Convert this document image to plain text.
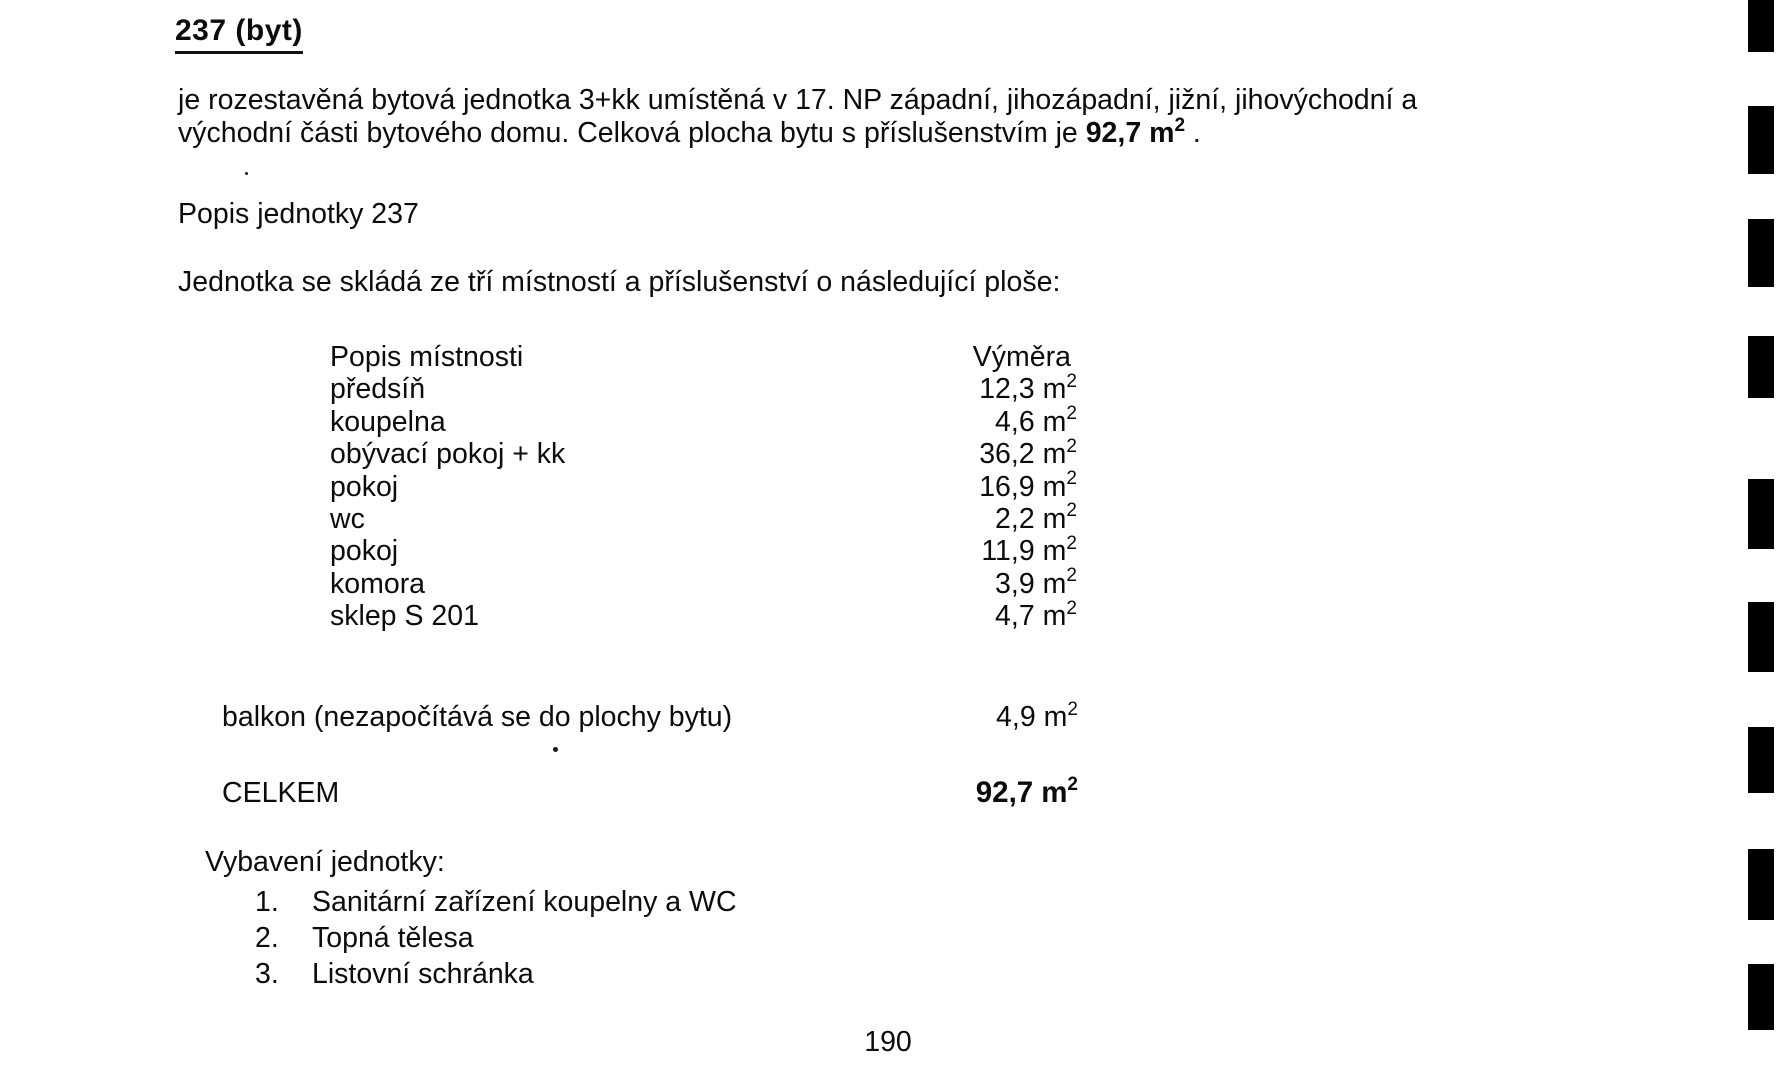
237 (byt)
je rozestavěná bytová jednotka 3+kk umístěná v 17. NP západní, jihozápadní, jižní, jihovýchodní a
východní části bytového domu. Celková plocha bytu s příslušenstvím je 92,7 $m^2$ .
Popis jednotky 237
Jednotka se skládá ze tří místností a příslušenství o následující ploše:
Popis místnosti	Výměra
předsíň	12,3 $m^2$
koupelna	4,6 $m^2$
obývací pokoj + kk	36,2 $m^2$
pokoj	16,9 $m^2$
wc	2,2 $m^2$
pokoj	11,9 $m^2$
komora	3,9 $m^2$
sklep S 201	4,7 $m^2$
balkon (nezapočítává se do plochy bytu)	4,9 $m^2$
CELKEM	92,7 $m^2$
Vybavení jednotky:
1. Sanitární zařízení koupelny a WC
2. Topná tělesa
3. Listovní schránka
190
